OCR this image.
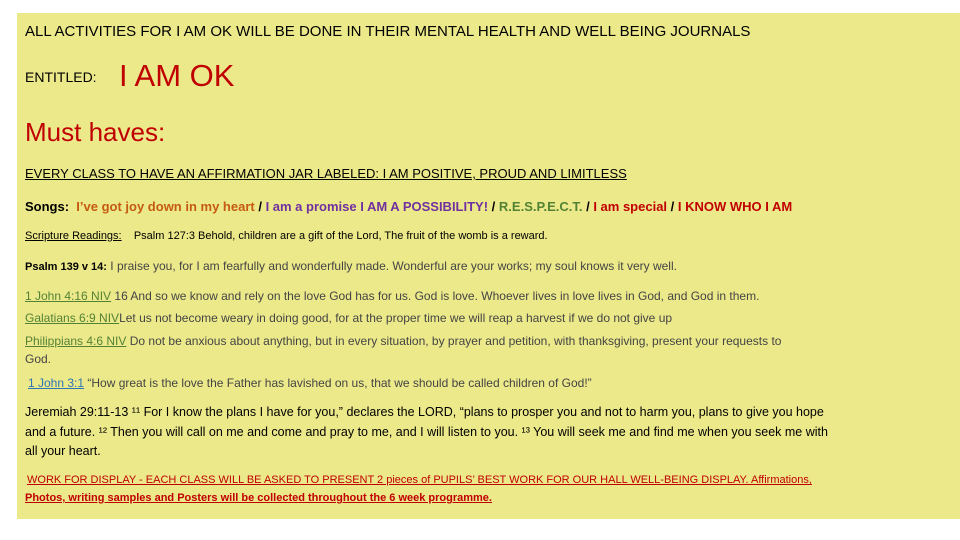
ALL ACTIVITIES FOR I AM OK WILL BE DONE IN THEIR MENTAL HEALTH AND WELL BEING JOURNALS
ENTITLED: I AM OK
Must haves:
EVERY CLASS TO HAVE AN AFFIRMATION JAR LABELED: I AM POSITIVE, PROUD AND LIMITLESS
Songs: I’ve got joy down in my heart / I am a promise I AM A POSSIBILITY! / R.E.S.P.E.C.T. / I am special / I KNOW WHO I AM
Scripture Readings: Psalm 127:3 Behold, children are a gift of the Lord, The fruit of the womb is a reward.
Psalm 139 v 14: I praise you, for I am fearfully and wonderfully made. Wonderful are your works; my soul knows it very well.
1 John 4:16 NIV 16 And so we know and rely on the love God has for us. God is love. Whoever lives in love lives in God, and God in them.
Galatians 6:9 NIVLet us not become weary in doing good, for at the proper time we will reap a harvest if we do not give up
Philippians 4:6 NIV Do not be anxious about anything, but in every situation, by prayer and petition, with thanksgiving, present your requests to
God.
1 John 3:1 “How great is the love the Father has lavished on us, that we should be called children of God!”
Jeremiah 29:11-13 ¹¹ For I know the plans I have for you,” declares the LORD, “plans to prosper you and not to harm you, plans to give you hope
and a future. ¹² Then you will call on me and come and pray to me, and I will listen to you. ¹³ You will seek me and find me when you seek me with
all your heart.
WORK FOR DISPLAY - EACH CLASS WILL BE ASKED TO PRESENT 2 pieces of PUPILS’ BEST WORK FOR OUR HALL WELL-BEING DISPLAY. Affirmations,
Photos, writing samples and Posters will be collected throughout the 6 week programme.
